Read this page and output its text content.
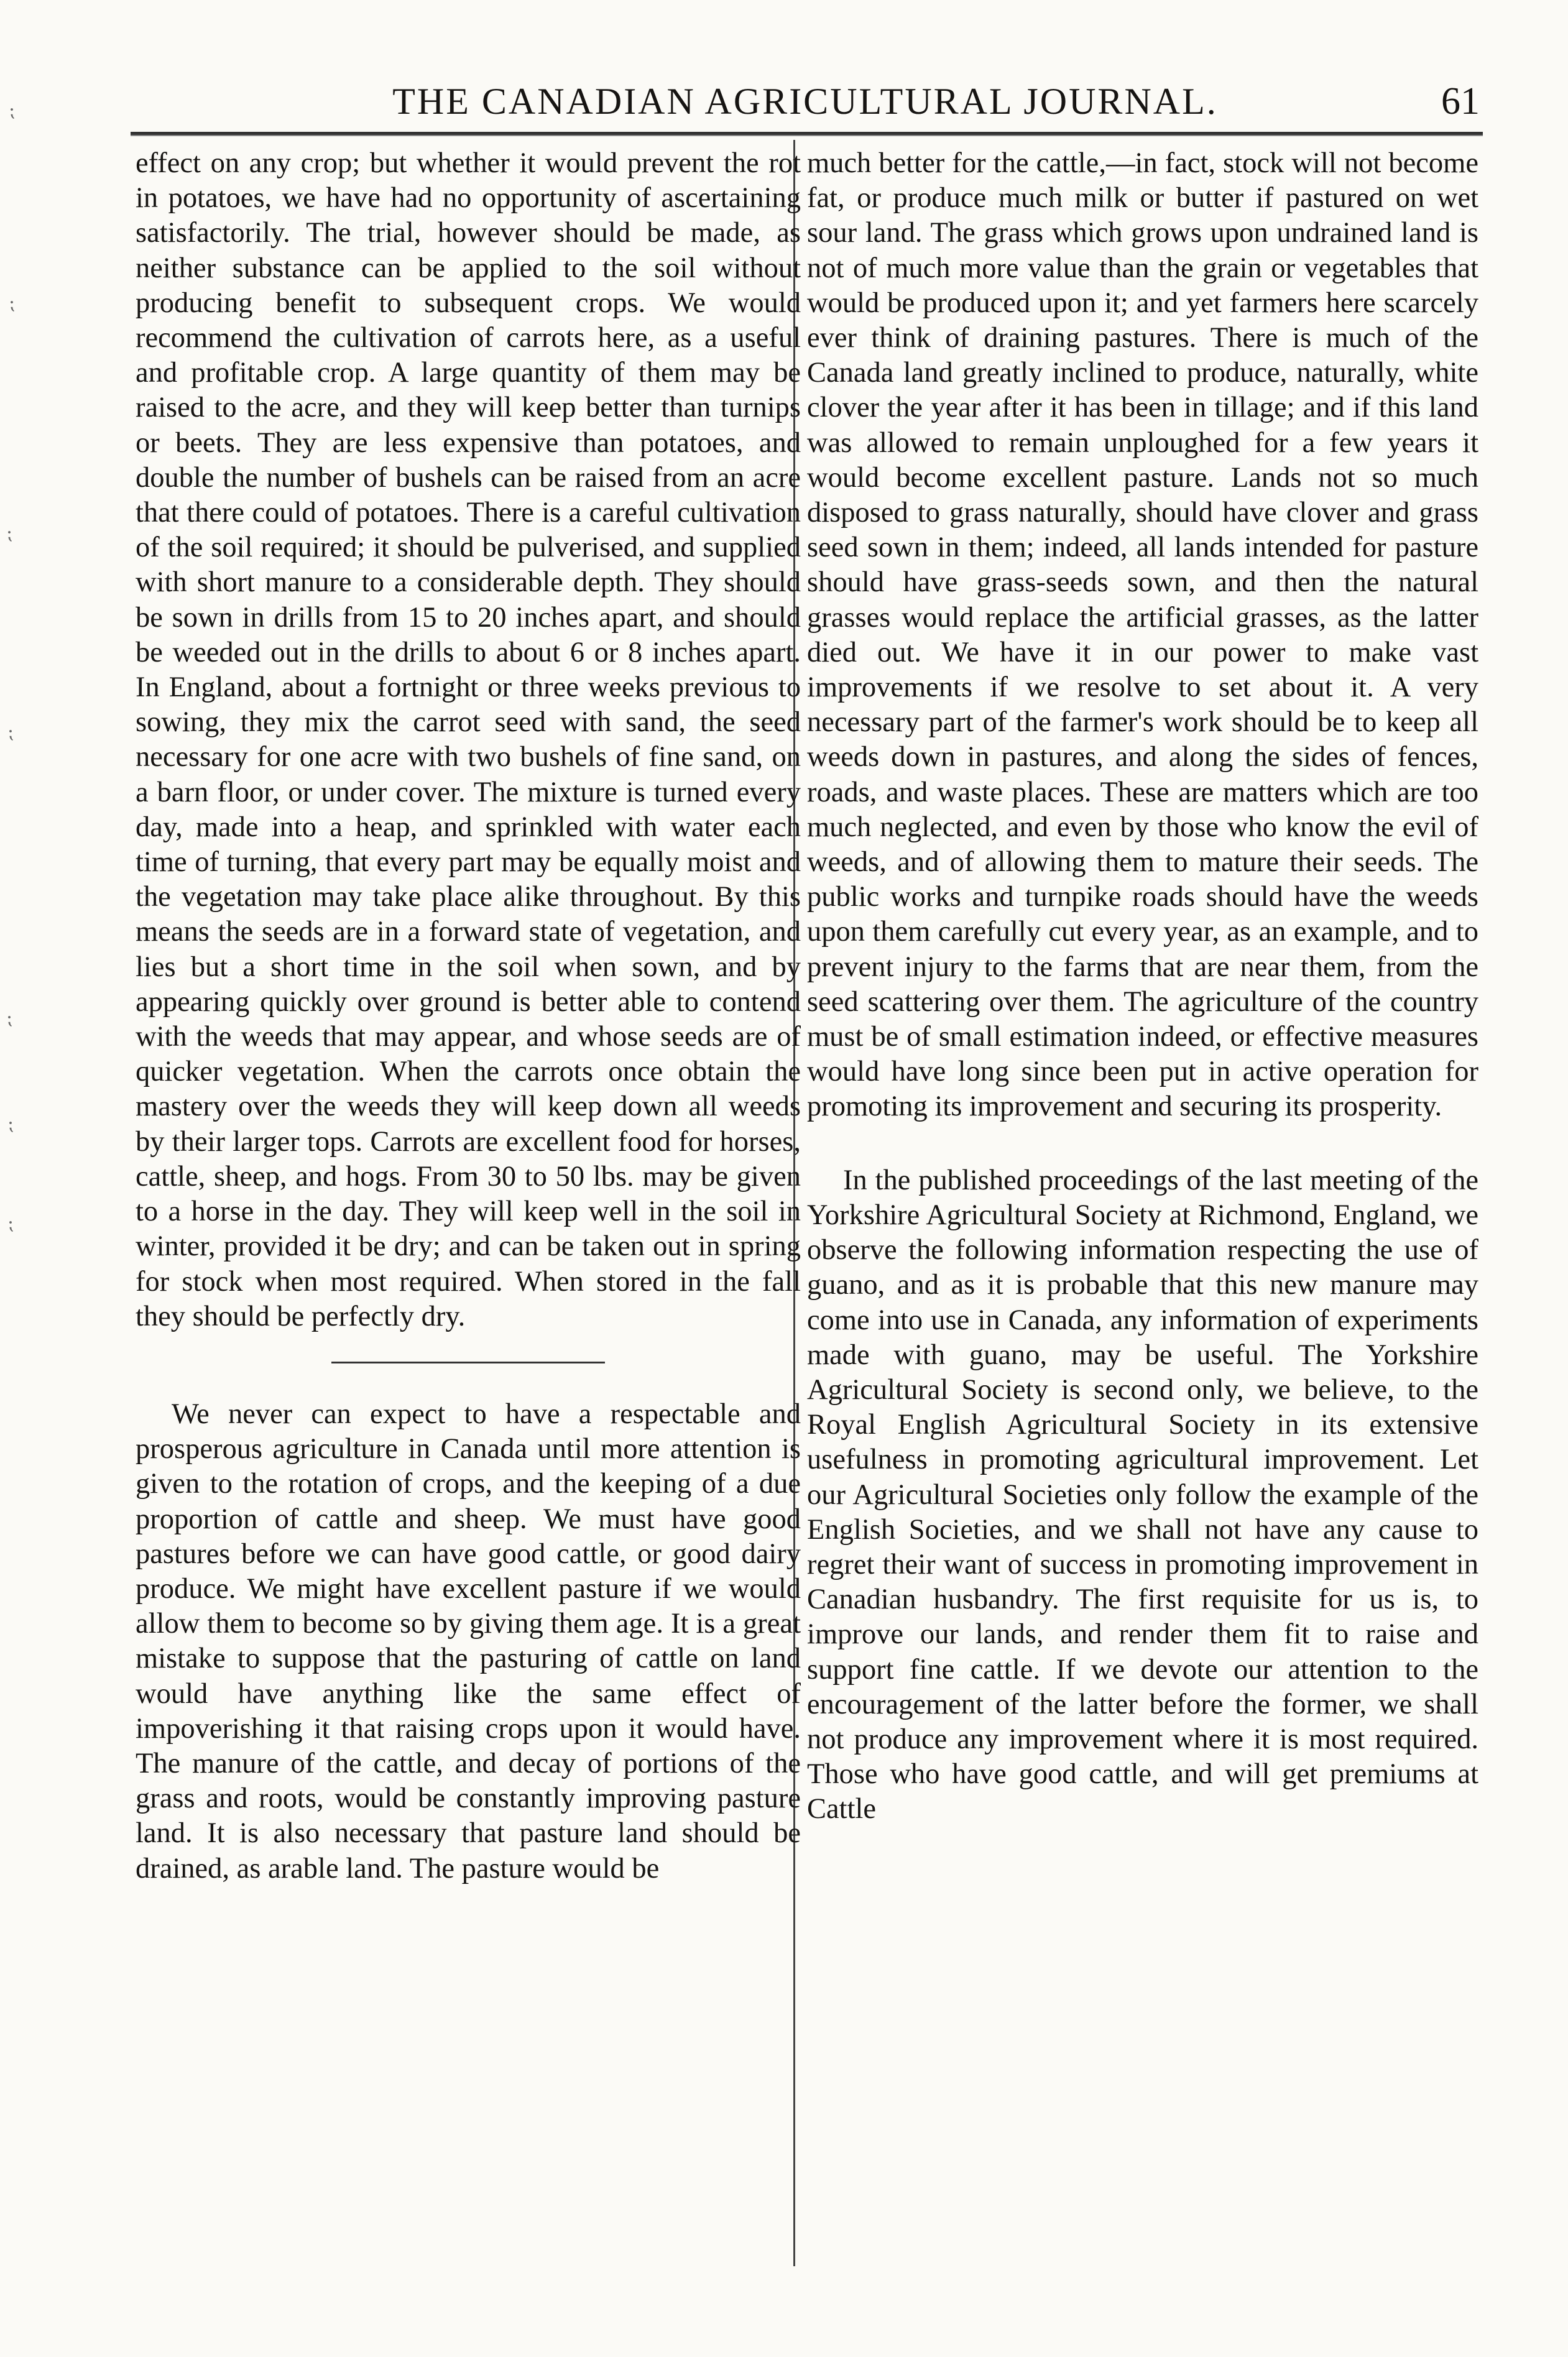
THE CANADIAN AGRICULTURAL JOURNAL.	61

effect on any crop; but whether it would prevent the rot in potatoes, we have had no opportunity of ascertaining satisfactorily. The trial, however should be made, as neither substance can be applied to the soil without producing benefit to subsequent crops. We would recommend the cultivation of carrots here, as a useful and profitable crop. A large quantity of them may be raised to the acre, and they will keep better than turnips or beets. They are less expensive than potatoes, and double the number of bushels can be raised from an acre that there could of potatoes. There is a careful cultivation of the soil required; it should be pulverised, and supplied with short manure to a considerable depth. They should be sown in drills from 15 to 20 inches apart, and should be weeded out in the drills to about 6 or 8 inches apart. In England, about a fortnight or three weeks previous to sowing, they mix the carrot seed with sand, the seed necessary for one acre with two bushels of fine sand, on a barn floor, or under cover. The mixture is turned every day, made into a heap, and sprinkled with water each time of turning, that every part may be equally moist and the vegetation may take place alike throughout. By this means the seeds are in a forward state of vegetation, and lies but a short time in the soil when sown, and by appearing quickly over ground is better able to contend with the weeds that may appear, and whose seeds are of quicker vegetation. When the carrots once obtain the mastery over the weeds they will keep down all weeds by their larger tops. Carrots are excellent food for horses, cattle, sheep, and hogs. From 30 to 50 lbs. may be given to a horse in the day. They will keep well in the soil in winter, provided it be dry; and can be taken out in spring for stock when most required. When stored in the fall they should be perfectly dry.

We never can expect to have a respectable and prosperous agriculture in Canada until more attention is given to the rotation of crops, and the keeping of a due proportion of cattle and sheep. We must have good pastures before we can have good cattle, or good dairy produce. We might have excellent pasture if we would allow them to become so by giving them age. It is a great mistake to suppose that the pasturing of cattle on land would have anything like the same effect of impoverishing it that raising crops upon it would have. The manure of the cattle, and decay of portions of the grass and roots, would be constantly improving pasture land. It is also necessary that pasture land should be drained, as arable land. The pasture would be

much better for the cattle,—in fact, stock will not become fat, or produce much milk or butter if pastured on wet sour land. The grass which grows upon undrained land is not of much more value than the grain or vegetables that would be produced upon it; and yet farmers here scarcely ever think of draining pastures. There is much of the Canada land greatly inclined to produce, naturally, white clover the year after it has been in tillage; and if this land was allowed to remain unploughed for a few years it would become excellent pasture. Lands not so much disposed to grass naturally, should have clover and grass seed sown in them; indeed, all lands intended for pasture should have grass-seeds sown, and then the natural grasses would replace the artificial grasses, as the latter died out. We have it in our power to make vast improvements if we resolve to set about it. A very necessary part of the farmer's work should be to keep all weeds down in pastures, and along the sides of fences, roads, and waste places. These are matters which are too much neglected, and even by those who know the evil of weeds, and of allowing them to mature their seeds. The public works and turnpike roads should have the weeds upon them carefully cut every year, as an example, and to prevent injury to the farms that are near them, from the seed scattering over them. The agriculture of the country must be of small estimation indeed, or effective measures would have long since been put in active operation for promoting its improvement and securing its prosperity.

In the published proceedings of the last meeting of the Yorkshire Agricultural Society at Richmond, England, we observe the following information respecting the use of guano, and as it is probable that this new manure may come into use in Canada, any information of experiments made with guano, may be useful. The Yorkshire Agricultural Society is second only, we believe, to the Royal English Agricultural Society in its extensive usefulness in promoting agricultural improvement. Let our Agricultural Societies only follow the example of the English Societies, and we shall not have any cause to regret their want of success in promoting improvement in Canadian husbandry. The first requisite for us is, to improve our lands, and render them fit to raise and support fine cattle. If we devote our attention to the encouragement of the latter before the former, we shall not produce any improvement where it is most required. Those who have good cattle, and will get premiums at Cattle

⁏
⁏
⁏
⁏
⁏
⁏
⁏
